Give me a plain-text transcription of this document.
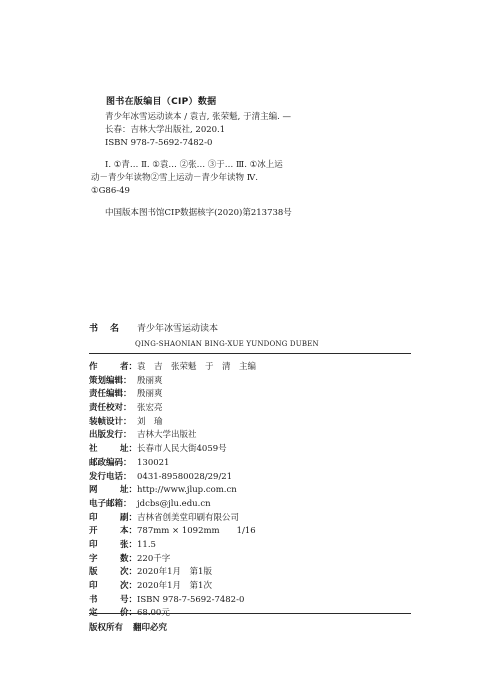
图书在版编目（CIP）数据
青少年冰雪运动读本 / 袁吉, 张荣魁, 于清主编. —
长春：吉林大学出版社, 2020.1
ISBN 978-7-5692-7482-0
Ⅰ. ①青… Ⅱ. ①袁… ②张… ③于… Ⅲ. ①冰上运
动－青少年读物②雪上运动－青少年读物 Ⅳ.
①G86-49
中国版本图书馆CIP数据核字(2020)第213738号
书名 青少年冰雪运动读本
QING-SHAONIAN BING-XUE YUNDONG DUBEN
作	者： 袁　吉　张荣魁　于　清　主编
策划编辑： 殷丽爽
责任编辑： 殷丽爽
责任校对： 张宏亮
装帧设计： 刘　瑜
出版发行： 吉林大学出版社
社	址： 长春市人民大街4059号
邮政编码： 130021
发行电话： 0431-89580028/29/21
网	址： http://www.jlup.com.cn
电子邮箱： jdcbs@jlu.edu.cn
印	刷： 吉林省创美堂印刷有限公司
开	本： 787mm × 1092mm　　1/16
印	张： 11.5
字	数： 220千字
版	次： 2020年1月　第1版
印	次： 2020年1月　第1次
书	号： ISBN 978-7-5692-7482-0
定	价： 68.00元
版权所有 翻印必究
